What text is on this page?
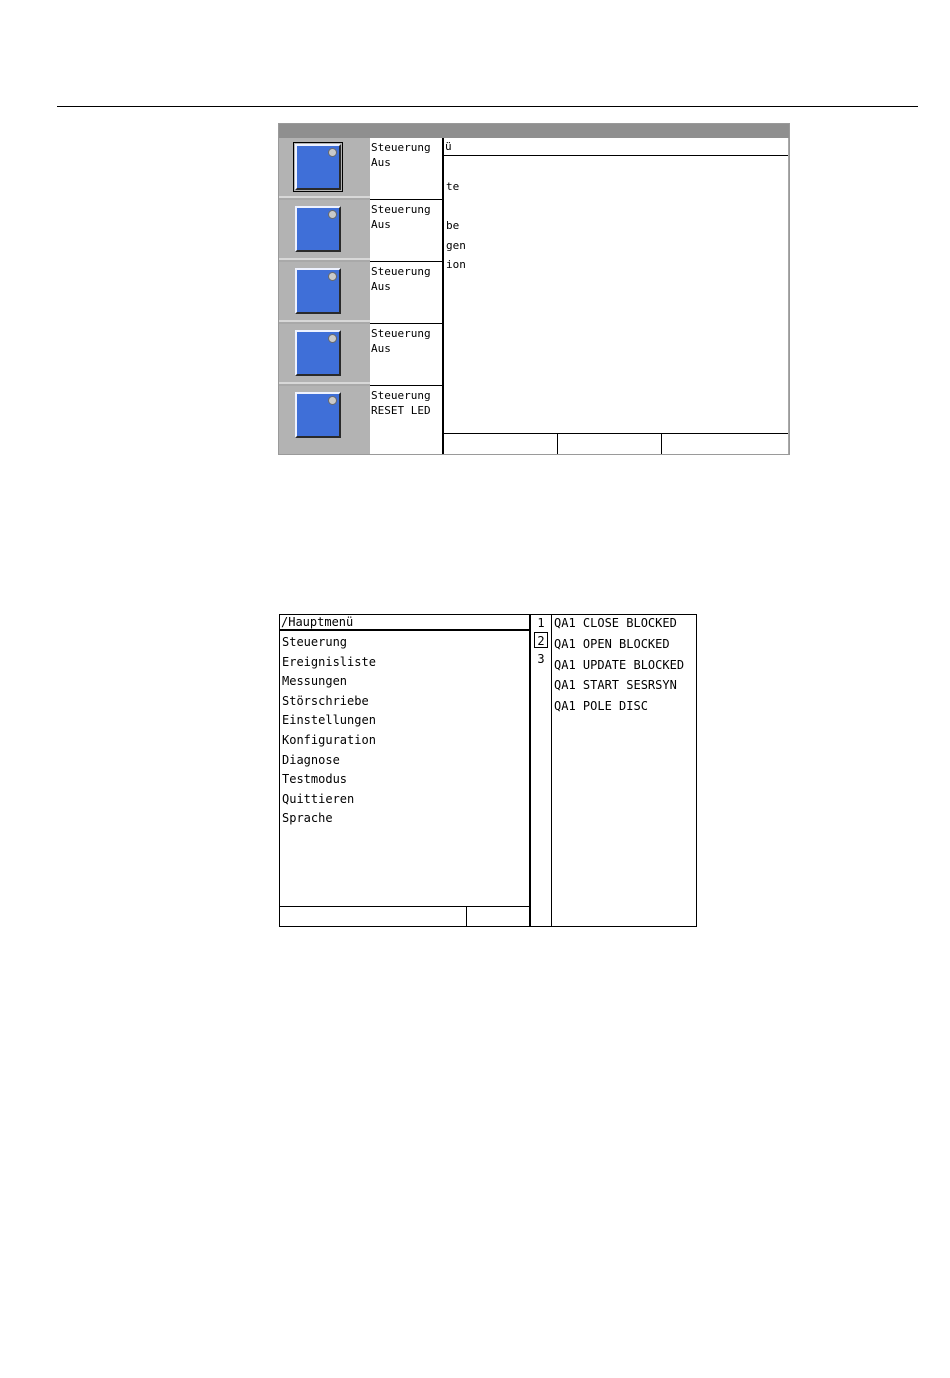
Steuerung
Aus
Steuerung
Aus
Steuerung
Aus
Steuerung
Aus
Steuerung
RESET LED
ü
te
be
gen
ion
/Hauptmenü
Steuerung
Ereignisliste
Messungen
Störschriebe
Einstellungen
Konfiguration
Diagnose
Testmodus
Quittieren
Sprache
1
2
3
QA1 CLOSE BLOCKED
QA1 OPEN BLOCKED
QA1 UPDATE BLOCKED
QA1 START SESRSYN
QA1 POLE DISC
